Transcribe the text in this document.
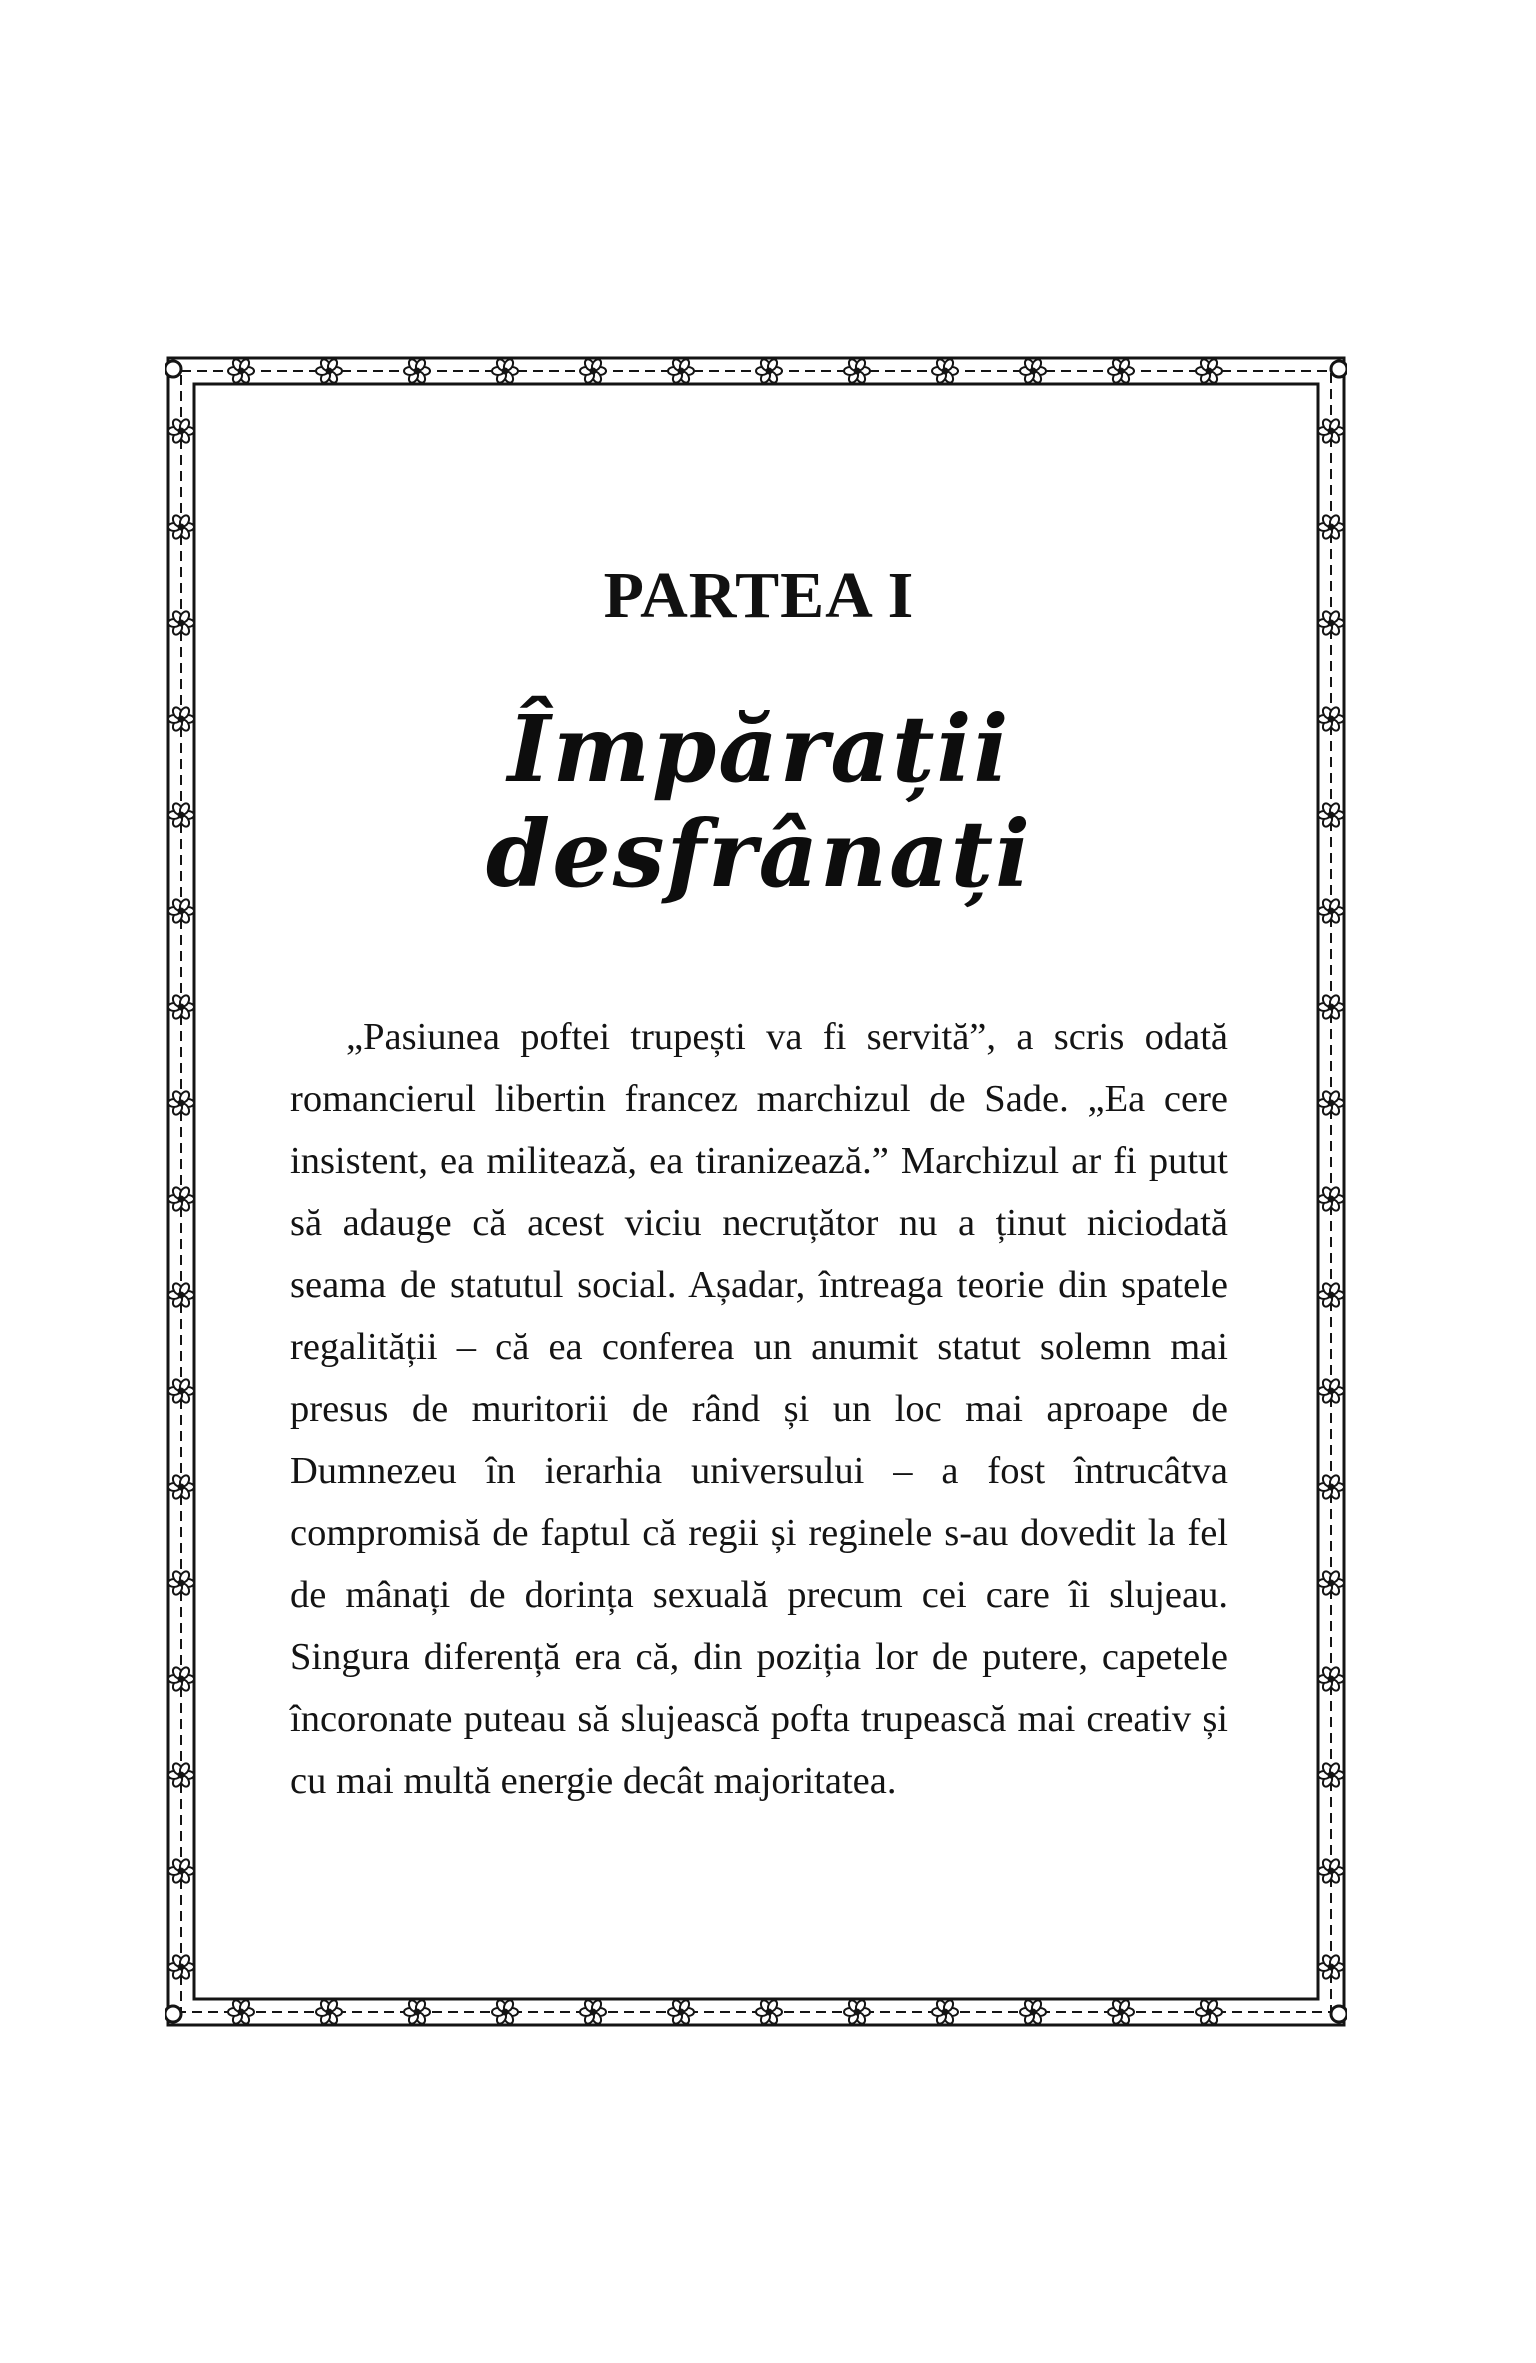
PARTEA I
Împărații desfrânați

„Pasiunea poftei trupești va fi servită”, a scris odată romancierul libertin francez marchizul de Sade. „Ea cere insistent, ea militează, ea tiranizează.” Marchizul ar fi putut să adauge că acest viciu necruțător nu a ținut niciodată seama de statutul social. Așadar, întreaga teorie din spatele regalității – că ea conferea un anumit statut solemn mai presus de muritorii de rând și un loc mai aproape de Dumnezeu în ierarhia universului – a fost întrucâtva compromisă de faptul că regii și reginele s-au dovedit la fel de mânați de dorința sexuală precum cei care îi slujeau. Singura diferență era că, din poziția lor de putere, capetele încoronate puteau să slujească pofta trupească mai creativ și cu mai multă energie decât majoritatea.
